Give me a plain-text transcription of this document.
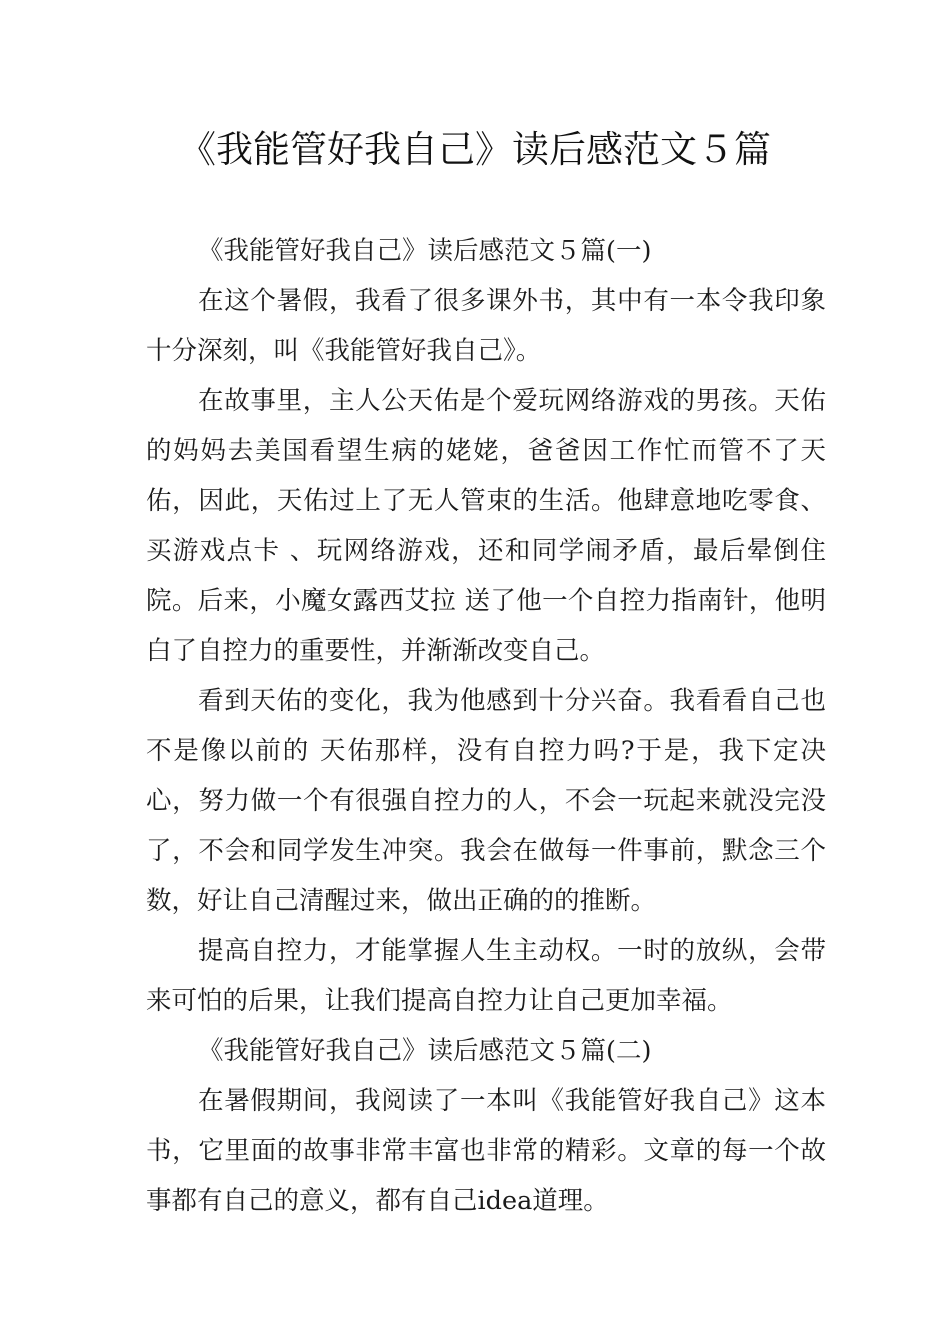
《我能管好我自己》读后感范文５篇

《我能管好我自己》读后感范文５篇(一)

在这个暑假，我看了很多课外书，其中有一本令我印象十分深刻，叫《我能管好我自己》。

在故事里，主人公天佑是个爱玩网络游戏的男孩。天佑的妈妈去美国看望生病的姥姥，爸爸因工作忙而管不了天佑，因此，天佑过上了无人管束的生活。他肆意地吃零食、买游戏点卡 、玩网络游戏，还和同学闹矛盾，最后晕倒住院。后来，小魔女露西艾拉 送了他一个自控力指南针，他明白了自控力的重要性，并渐渐改变自己。

看到天佑的变化，我为他感到十分兴奋。我看看自己也不是像以前的 天佑那样，没有自控力吗?于是，我下定决心，努力做一个有很强自控力的人，不会一玩起来就没完没了，不会和同学发生冲突。我会在做每一件事前，默念三个数，好让自己清醒过来，做出正确的的推断。

提高自控力，才能掌握人生主动权。一时的放纵，会带来可怕的后果，让我们提高自控力让自己更加幸福。

《我能管好我自己》读后感范文５篇(二)

在暑假期间，我阅读了一本叫《我能管好我自己》这本书，它里面的故事非常丰富也非常的精彩。文章的每一个故事都有自己的意义，都有自己idea道理。
